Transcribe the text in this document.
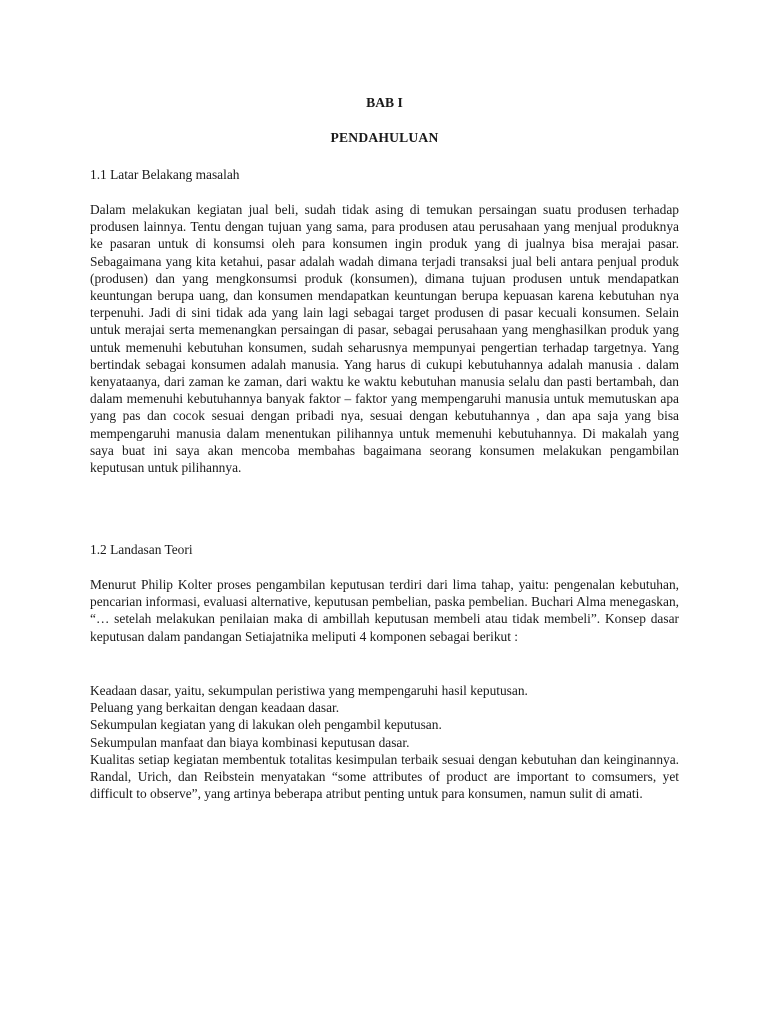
BAB I
PENDAHULUAN
1.1 Latar Belakang masalah

Dalam melakukan kegiatan jual beli, sudah tidak asing di temukan persaingan suatu produsen terhadap produsen lainnya. Tentu dengan tujuan yang sama, para produsen atau perusahaan yang menjual produknya ke pasaran untuk di konsumsi oleh para konsumen ingin produk yang di jualnya bisa merajai pasar. Sebagaimana yang kita ketahui, pasar adalah wadah dimana terjadi transaksi jual beli antara penjual produk (produsen) dan yang mengkonsumsi produk (konsumen), dimana tujuan produsen untuk mendapatkan keuntungan berupa uang, dan konsumen mendapatkan keuntungan berupa kepuasan karena kebutuhan nya terpenuhi. Jadi di sini tidak ada yang lain lagi sebagai target produsen di pasar kecuali konsumen. Selain untuk merajai serta memenangkan persaingan di pasar, sebagai perusahaan yang menghasilkan produk yang untuk memenuhi kebutuhan konsumen, sudah seharusnya mempunyai pengertian terhadap targetnya. Yang bertindak sebagai konsumen adalah manusia. Yang harus di cukupi kebutuhannya adalah manusia . dalam kenyataanya, dari zaman ke zaman, dari waktu ke waktu kebutuhan manusia selalu dan pasti bertambah, dan dalam memenuhi kebutuhannya banyak faktor – faktor yang mempengaruhi manusia untuk memutuskan apa yang pas dan cocok sesuai dengan pribadi nya, sesuai dengan kebutuhannya , dan apa saja yang bisa mempengaruhi manusia dalam menentukan pilihannya untuk memenuhi kebutuhannya. Di makalah yang saya buat ini saya akan mencoba membahas bagaimana seorang konsumen melakukan pengambilan keputusan untuk pilihannya.

1.2 Landasan Teori

Menurut Philip Kolter proses pengambilan keputusan terdiri dari lima tahap, yaitu: pengenalan kebutuhan, pencarian informasi, evaluasi alternative, keputusan pembelian, paska pembelian. Buchari Alma menegaskan, “… setelah melakukan penilaian maka di ambillah keputusan membeli atau tidak membeli”. Konsep dasar keputusan dalam pandangan Setiajatnika meliputi 4 komponen sebagai berikut :

Keadaan dasar, yaitu, sekumpulan peristiwa yang mempengaruhi hasil keputusan.
Peluang yang berkaitan dengan keadaan dasar.
Sekumpulan kegiatan yang di lakukan oleh pengambil keputusan.
Sekumpulan manfaat dan biaya kombinasi keputusan dasar.
Kualitas setiap kegiatan membentuk totalitas kesimpulan terbaik sesuai dengan kebutuhan dan keinginannya. Randal, Urich, dan Reibstein menyatakan “some attributes of product are important to comsumers, yet difficult to observe”, yang artinya beberapa atribut penting untuk para konsumen, namun sulit di amati.
